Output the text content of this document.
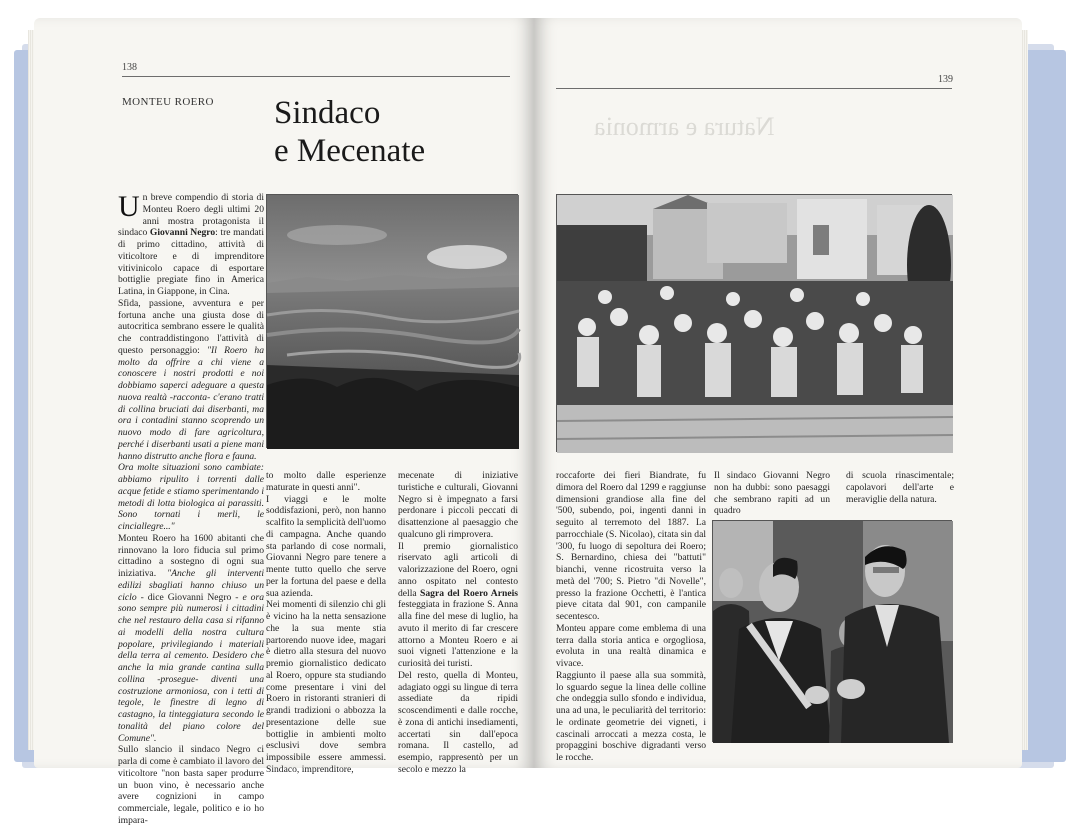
138
MONTEU ROERO Sindaco
e Mecenate

Un breve compendio di storia di Monteu Roero degli ultimi 20 anni mostra protagonista il sindaco Giovanni Negro: tre mandati di primo cittadino, attività di viticoltore e di imprenditore vitivinicolo capace di esportare bottiglie pregiate fino in America Latina, in Giappone, in Cina.

Sfida, passione, avventura e per fortuna anche una giusta dose di autocritica sembrano essere le qualità che contraddistingono l'attività di questo personaggio: "Il Roero ha molto da offrire a chi viene a conoscere i nostri prodotti e noi dobbiamo saperci adeguare a questa nuova realtà -racconta- c'erano tratti di collina bruciati dai diserbanti, ma ora i contadini stanno scoprendo un nuovo modo di fare agricoltura, perché i diserbanti usati a piene mani hanno distrutto anche flora e fauna.

Ora molte situazioni sono cambiate: abbiamo ripulito i torrenti dalle acque fetide e stiamo sperimentando i metodi di lotta biologica ai parassiti. Sono tornati i merli, le cinciallegre..."

Monteu Roero ha 1600 abitanti che rinnovano la loro fiducia sul primo cittadino a sostegno di ogni sua iniziativa. "Anche gli interventi edilizi sbagliati hanno chiuso un ciclo - dice Giovanni Negro - e ora sono sempre più numerosi i cittadini che nel restauro della casa si rifanno ai modelli della nostra cultura popolare, privilegiando i materiali della terra al cemento. Desidero che anche la mia grande cantina sulla collina -prosegue- diventi una costruzione armoniosa, con i tetti di tegole, le finestre di legno di castagno, la tinteggiatura secondo le tonalità del piano colore del Comune".

Sullo slancio il sindaco Negro ci parla di come è cambiato il lavoro del viticoltore "non basta saper produrre un buon vino, è necessario anche avere cognizioni in campo commerciale, legale, politico e io ho impara-

to molto dalle esperienze maturate in questi anni".

I viaggi e le molte soddisfazioni, però, non hanno scalfito la semplicità dell'uomo di campagna. Anche quando sta parlando di cose normali, Giovanni Negro pare tenere a mente tutto quello che serve per la fortuna del paese e della sua azienda.

Nei momenti di silenzio chi gli è vicino ha la netta sensazione che la sua mente stia partorendo nuove idee, magari è dietro alla stesura del nuovo premio giornalistico dedicato al Roero, oppure sta studiando come presentare i vini del Roero in ristoranti stranieri di grandi tradizioni o abbozza la presentazione delle sue bottiglie in ambienti molto esclusivi dove sembra impossibile essere ammessi. Sindaco, imprenditore,

mecenate di iniziative turistiche e culturali, Giovanni Negro si è impegnato a farsi perdonare i piccoli peccati di disattenzione al paesaggio che qualcuno gli rimprovera.

Il premio giornalistico riservato agli articoli di valorizzazione del Roero, ogni anno ospitato nel contesto della Sagra del Roero Arneis festeggiata in frazione S. Anna alla fine del mese di luglio, ha avuto il merito di far crescere attorno a Monteu Roero e ai suoi vigneti l'attenzione e la curiosità dei turisti.

Del resto, quella di Monteu, adagiato oggi su lingue di terra assediate da ripidi scoscendimenti e dalle rocche, è zona di antichi insediamenti, accertati sin dall'epoca romana. Il castello, ad esempio, rappresentò per un secolo e mezzo la

139
Natura e armonia

roccaforte dei fieri Biandrate, fu dimora del Roero dal 1299 e raggiunse dimensioni grandiose alla fine del '500, subendo, poi, ingenti danni in seguito al terremoto del 1887. La parrocchiale (S. Nicolao), citata sin dal '300, fu luogo di sepoltura dei Roero; S. Bernardino, chiesa dei "battuti" bianchi, venne ricostruita verso la metà del '700; S. Pietro "di Novelle", presso la frazione Occhetti, è l'antica pieve citata dal 901, con campanile secentesco.

Monteu appare come emblema di una terra dalla storia antica e orgogliosa, evoluta in una realtà dinamica e vivace.

Raggiunto il paese alla sua sommità, lo sguardo segue la linea delle colline che ondeggia sullo sfondo e individua, una ad una, le peculiarità del territorio: le ordinate geometrie dei vigneti, i cascinali arroccati a mezza costa, le propaggini boschive digradanti verso le rocche.

Il sindaco Giovanni Negro non ha dubbi: sono paesaggi che sembrano rapiti ad un quadro

di scuola rinascimentale; capolavori dell'arte e meraviglie della natura.
